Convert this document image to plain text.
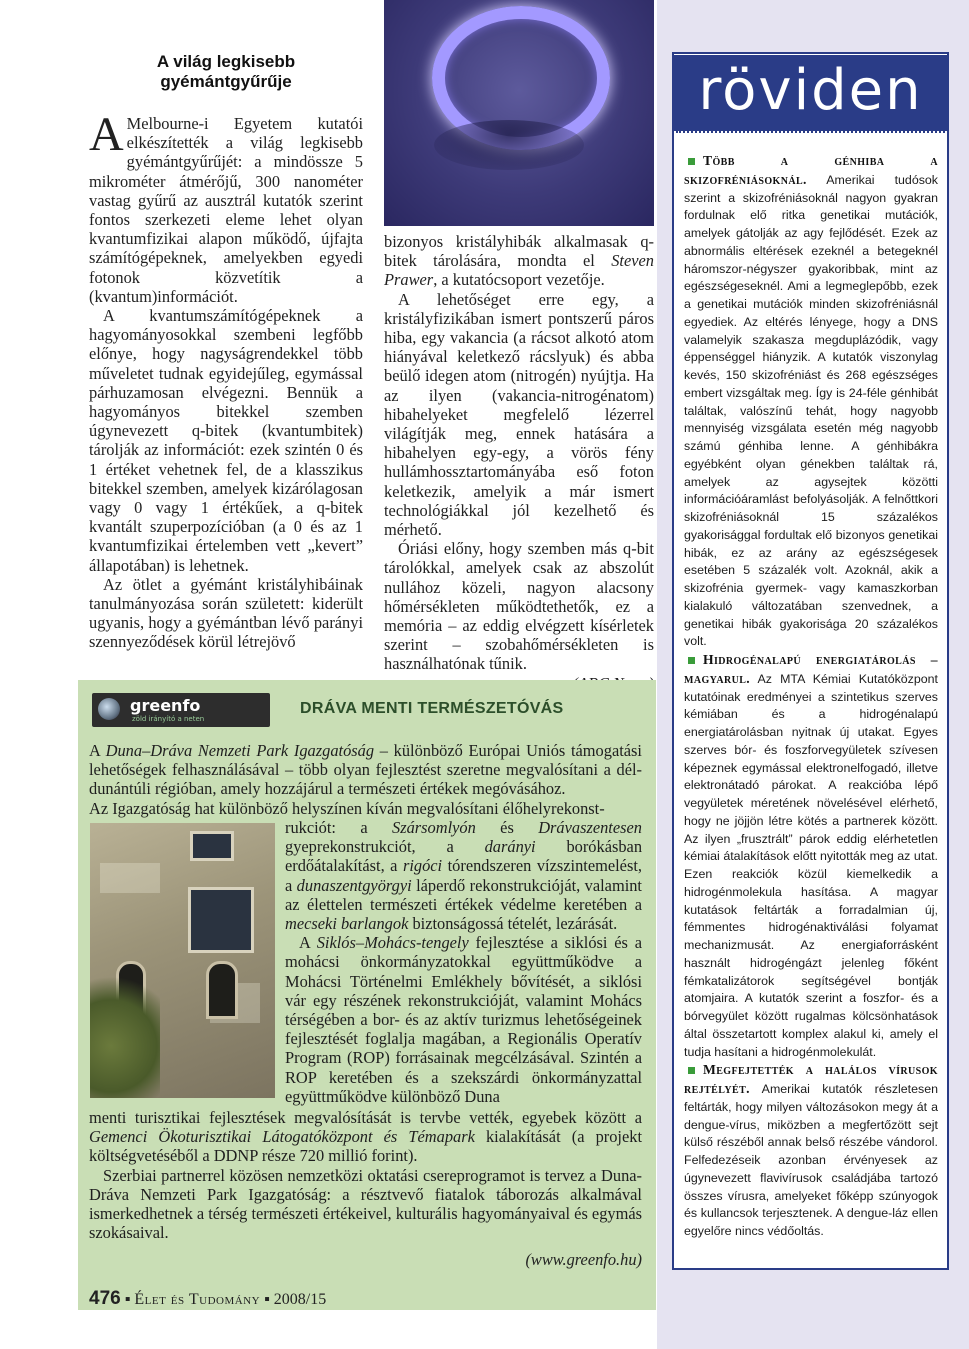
A világ legkisebb
gyémántgyűrűje

A Melbourne-i Egyetem kutatói elkészítették a világ legkisebb gyémántgyűrűjét: a mindössze 5 mikrométer átmérőjű, 300 nanométer vastag gyűrű az ausztrál kutatók szerint fontos szerkezeti eleme lehet olyan kvantumfizikai alapon működő, újfajta számítógépeknek, amelyekben egyedi fotonok közvetítik a (kvantum)információt.

A kvantumszámítógépeknek a hagyományosokkal szembeni legfőbb előnye, hogy nagyságrendekkel több műveletet tudnak egyidejűleg, egymással párhuzamosan elvégezni. Bennük a hagyományos bitekkel szemben úgynevezett q-bitek (kvantumbitek) tárolják az információt: ezek szintén 0 és 1 értéket vehetnek fel, de a klasszikus bitekkel szemben, amelyek kizárólagosan vagy 0 vagy 1 értékűek, a q-bitek kvantált szuperpozícióban (a 0 és az 1 kvantumfizikai értelemben vett „kevert” állapotában) is lehetnek.

Az ötlet a gyémánt kristályhibáinak tanulmányozása során született: kiderült ugyanis, hogy a gyémántban lévő parányi szennyeződések körül létrejövő

bizonyos kristályhibák alkalmasak q-bitek tárolására, mondta el Steven Prawer, a kutatócsoport vezetője.

A lehetőséget erre egy, a kristályfizikában ismert pontszerű páros hiba, egy vakancia (a rácsot alkotó atom hiányával keletkező rácslyuk) és abba beülő idegen atom (nitrogén) nyújtja. Ha az ilyen (vakancia-nitrogénatom) hibahelyeket megfelelő lézerrel világítják meg, ennek hatására a hibahelyen egy-egy, a vörös fény hullámhossztartományába eső foton keletkezik, amelyik a már ismert technológiákkal jól kezelhető és mérhető.

Óriási előny, hogy szemben más q-bit tárolókkal, amelyek csak az abszolút nullához közeli, nagyon alacsony hőmérsékleten működtethetők, ez a memória – az eddig elvégzett kísérletek szerint – szobahőmérsékleten is használhatónak tűnik.

greenfo
zöld irányító a neten
DRÁVA MENTI TERMÉSZETÓVÁS

A Duna–Dráva Nemzeti Park Igazgatóság – különböző Európai Uniós támogatási lehetőségek felhasználásával – több olyan fejlesztést szeretne megvalósítani a dél-dunántúli régióban, amely hozzájárul a természeti értékek megóvásához.

Az Igazgatóság hat különböző helyszínen kíván megvalósítani élőhelyrekonst-

rukciót: a Szársomlyón és Drávaszentesen gyeprekonstrukciót, a darányi borókásban erdőátalakítást, a rigóci tórendszeren vízszintemelést, a dunaszentgyörgyi láperdő rekonstrukcióját, valamint az élettelen természeti értékek védelme keretében a mecseki barlangok biztonságossá tételét, lezárását.

A Siklós–Mohács-tengely fejlesztése a siklósi és a mohácsi önkormányzatokkal együttműködve a Mohácsi Történelmi Emlékhely bővítését, a siklósi vár egy részének rekonstrukcióját, valamint Mohács térségében a bor- és az aktív turizmus lehetőségeinek fejlesztését foglalja magában, a Regionális Operatív Program (ROP) forrásainak megcélzásával. Szintén a ROP keretében és a szekszárdi önkormányzattal együttműködve különböző Duna

menti turisztikai fejlesztések megvalósítását is tervbe vették, egyebek között a Gemenci Ökoturisztikai Látogatóközpont és Témapark kialakítását (a projekt költségvetéséből a DDNP része 720 millió forint).

Szerbiai partnerrel közösen nemzetközi oktatási csereprogramot is tervez a Duna-Dráva Nemzeti Park Igazgatóság: a résztvevő fiatalok táborozás alkalmával ismerkedhetnek a térség természeti értékeivel, kulturális hagyományaival és egymás szokásaival.

(www.greenfo.hu)
476 ▪ Élet és Tudomány ▪ 2008/15
röviden

Több a génhiba a skizofréniásoknál. Amerikai tudósok szerint a skizofréniásoknál nagyon gyakran fordulnak elő ritka genetikai mutációk, amelyek gátolják az agy fejlődését. Ezek az abnormális eltérések ezeknél a betegeknél háromszor-négyszer gyakoribbak, mint az egészségeseknél. Ami a legmeglepőbb, ezek a genetikai mutációk minden skizofréniásnál egyediek. Az eltérés lényege, hogy a DNS valamelyik szakasza megduplázódik, vagy éppenséggel hiányzik. A kutatók viszonylag kevés, 150 skizofréniást és 268 egészséges embert vizsgáltak meg. Így is 24-féle génhibát találtak, valószínű tehát, hogy nagyobb mennyiség vizsgálata esetén még nagyobb számú génhiba lenne. A génhibákra egyébként olyan génekben találtak rá, amelyek az agysejtek közötti információáramlást befolyásolják. A felnőttkori skizofréniásoknál 15 százalékos gyakorisággal fordultak elő bizonyos genetikai hibák, ez az arány az egészségesek esetében 5 százalék volt. Azoknál, akik a skizofrénia gyermek- vagy kamaszkorban kialakuló változatában szenvednek, a genetikai hibák gyakorisága 20 százalékos volt.

Hidrogénalapú energiatárolás – magyarul. Az MTA Kémiai Kutatóközpont kutatóinak eredményei a szintetikus szerves kémiában és a hidrogénalapú energiatárolásban nyitnak új utakat. Egyes szerves bór- és foszforvegyületek szívesen képeznek egymással elektronelfogadó, illetve elektronátadó párokat. A reakcióba lépő vegyületek méretének növelésével elérhető, hogy ne jöjjön létre kötés a partnerek között. Az ilyen „frusztrált” párok eddig elérhetetlen kémiai átalakítások előtt nyitották meg az utat. Ezen reakciók közül kiemelkedik a hidrogénmolekula hasítása. A magyar kutatások feltárták a forradalmian új, fémmentes hidrogénaktiválási folyamat mechanizmusát. Az energiaforrásként használt hidrogéngázt jelenleg főként fémkatalizátorok segítségével bontják atomjaira. A kutatók szerint a foszfor- és a bórvegyület között rugalmas kölcsönhatások által összetartott komplex alakul ki, amely el tudja hasítani a hidrogénmolekulát.

Megfejtették a halálos vírusok rejtélyét. Amerikai kutatók részletesen feltárták, hogy milyen változásokon megy át a dengue-vírus, miközben a megfertőzött sejt külső részéből annak belső részébe vándorol. Felfedezéseik azonban érvényesek az úgynevezett flavivírusok családjába tartozó összes vírusra, amelyeket főképp szúnyogok és kullancsok terjesztenek. A dengue-láz ellen egyelőre nincs védőoltás.
